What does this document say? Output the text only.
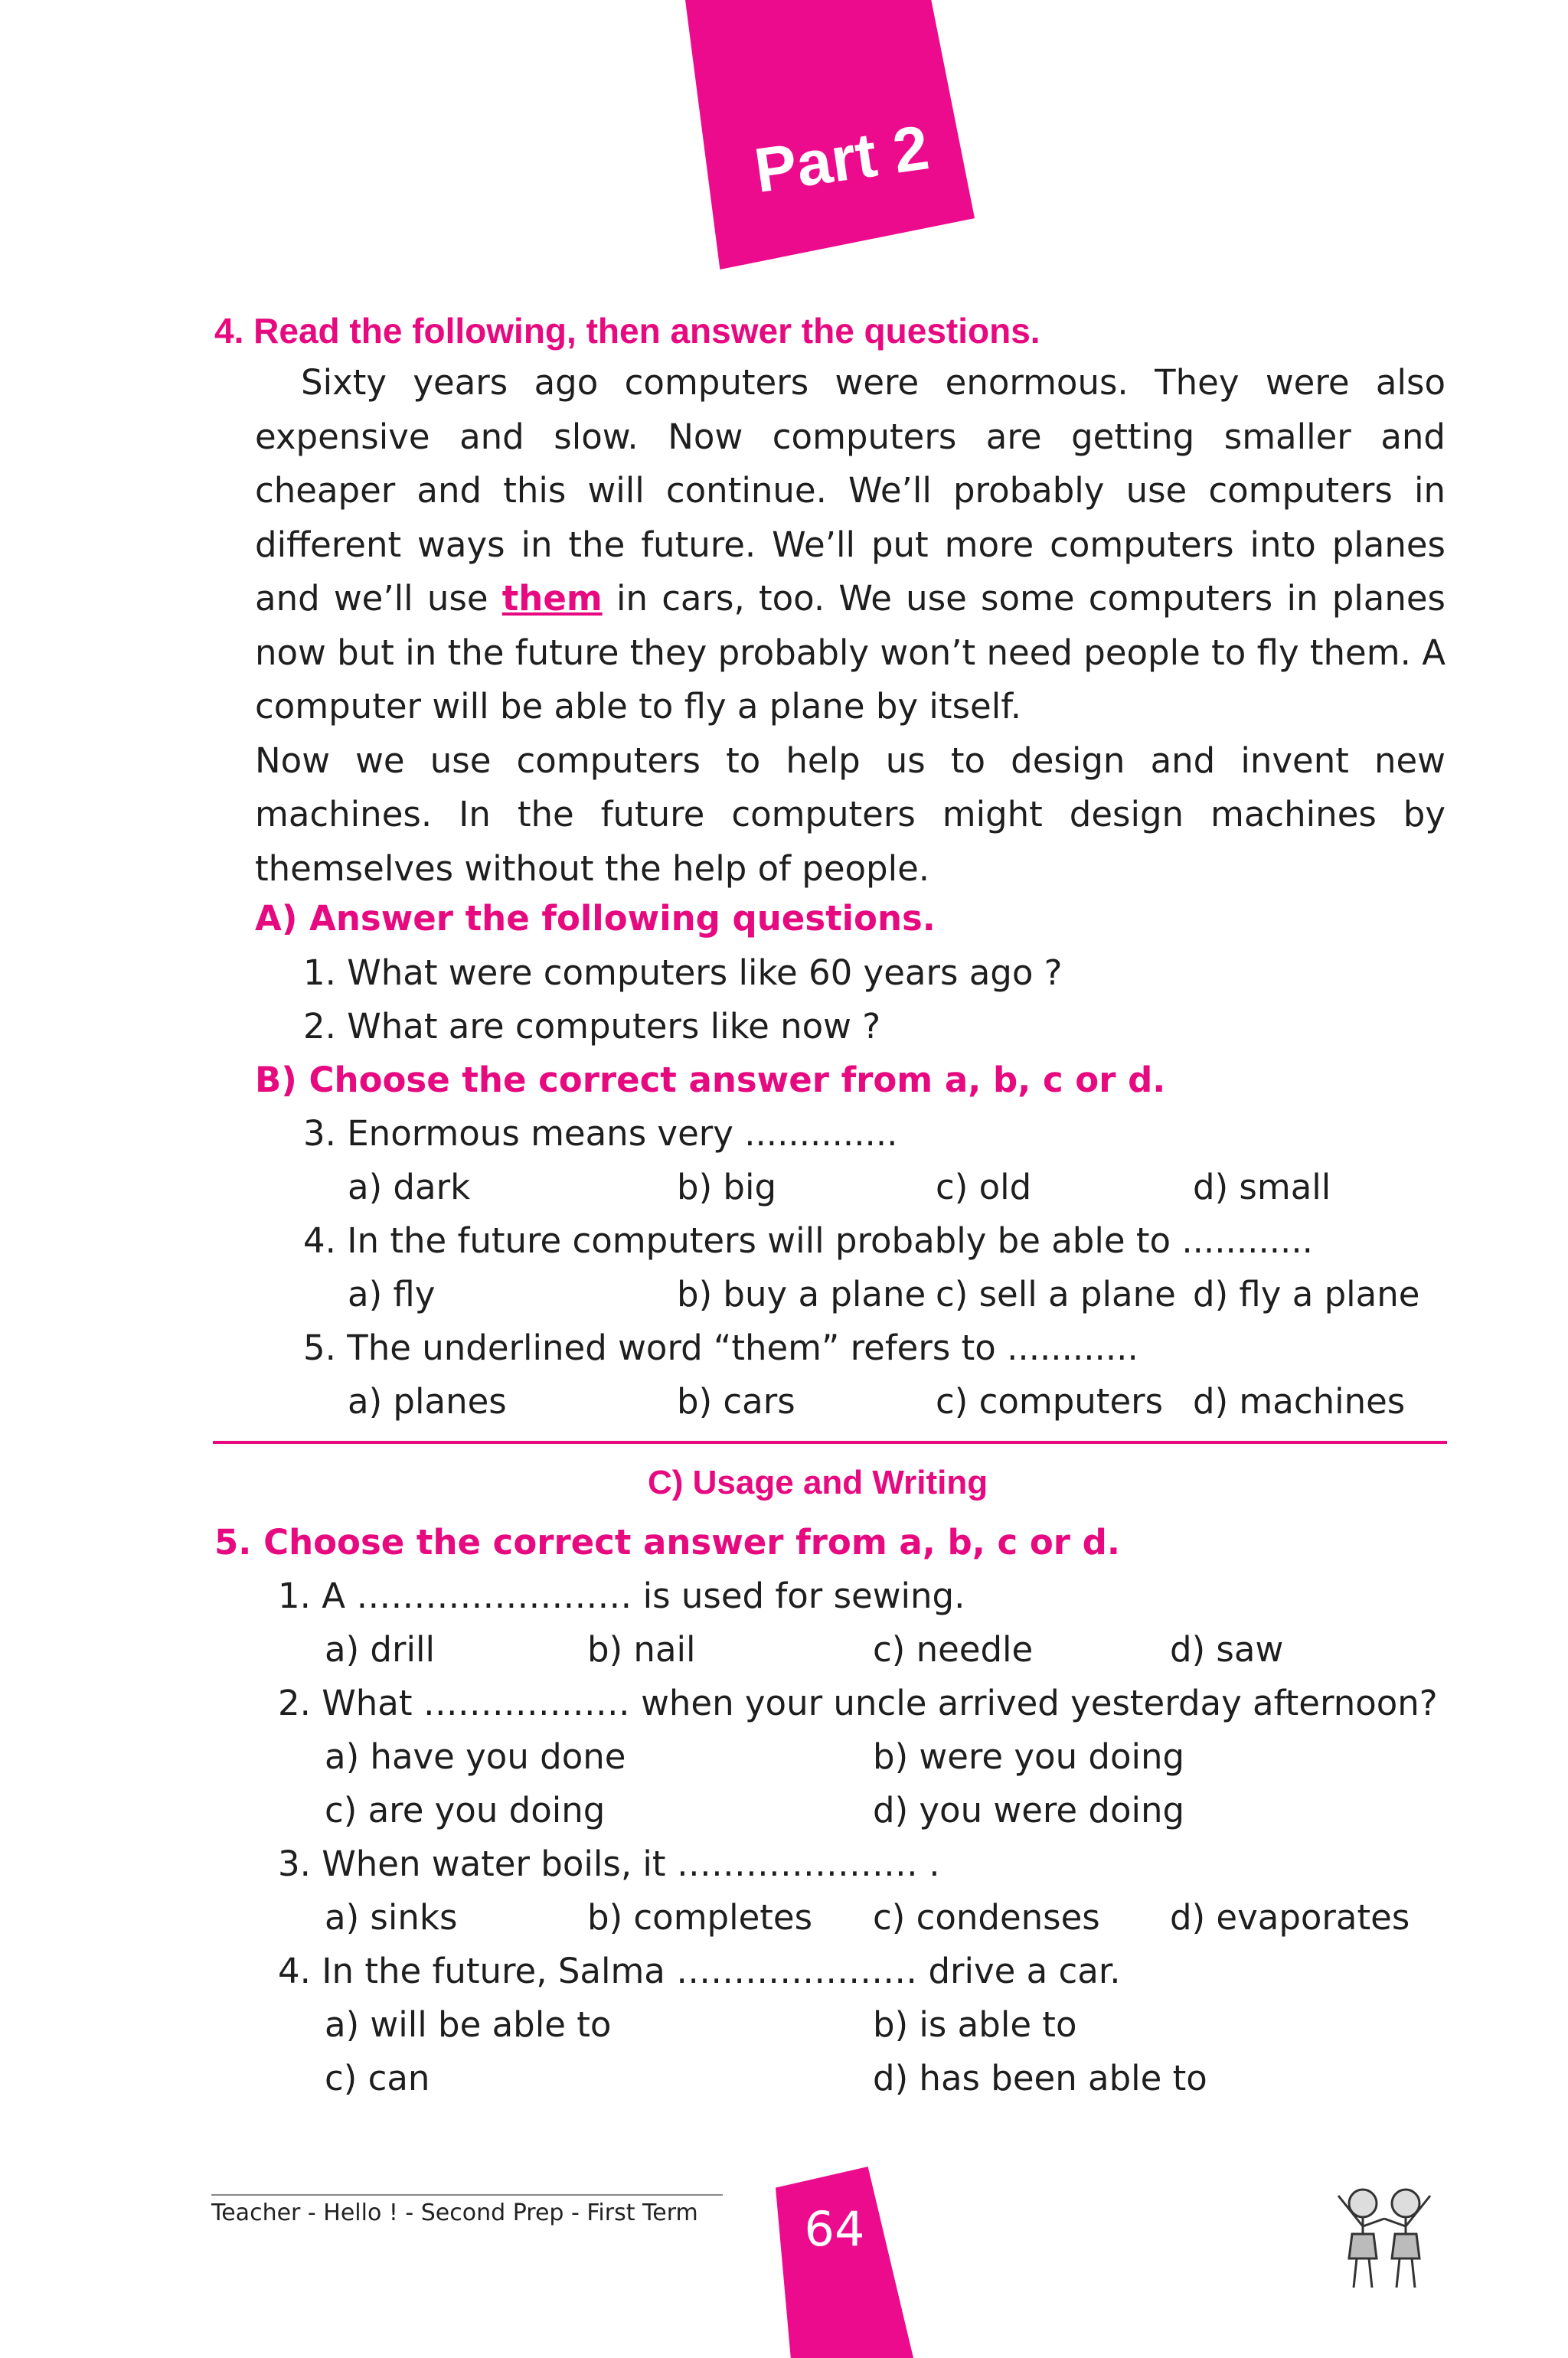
Part 2
4. Read the following, then answer the questions.

Sixty years ago computers were enormous. They were also expensive and slow. Now computers are getting smaller and cheaper and this will continue. We’ll probably use computers in different ways in the future. We’ll put more computers into planes and we’ll use them in cars, too. We use some computers in planes now but in the future they probably won’t need people to fly them. A computer will be able to fly a plane by itself.

Now we use computers to help us to design and invent new machines. In the future computers might design machines by themselves without the help of people.

A) Answer the following questions.
1. What were computers like 60 years ago ?
2. What are computers like now ?
B) Choose the correct answer from a, b, c or d.
3. Enormous means very ..............
a) dark	b) big	c) old	d) small
4. In the future computers will probably be able to ............
a) fly	b) buy a plane c) sell a plane d) fly a plane
5. The underlined word “them” refers to ............
a) planes	b) cars	c) computers d) machines
C) Usage and Writing
5. Choose the correct answer from a, b, c or d.
1. A …………………… is used for sewing.
a) drill	b) nail	c) needle	d) saw
2. What ……………… when your uncle arrived yesterday afternoon?
a) have you done	b) were you doing
c) are you doing	d) you were doing
3. When water boils, it ………………… .
a) sinks	b) completes c) condenses d) evaporates
4. In the future, Salma ………………… drive a car.
a) will be able to	b) is able to
c) can	d) has been able to
Teacher - Hello ! - Second Prep - First Term 64
